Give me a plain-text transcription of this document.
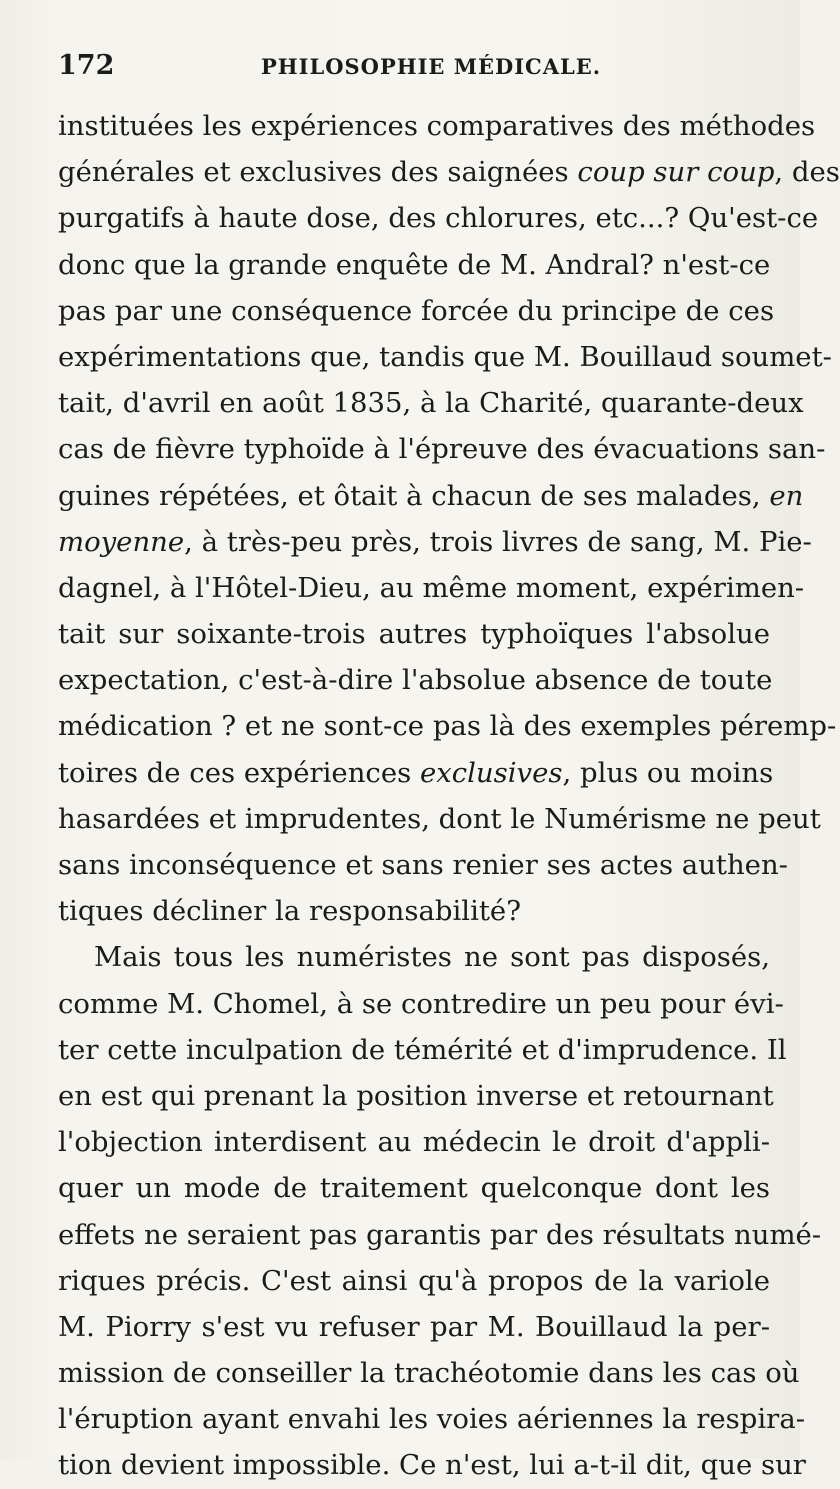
172	PHILOSOPHIE MÉDICALE.
instituées les expériences comparatives des méthodes
générales et exclusives des saignées coup sur coup, des
purgatifs à haute dose, des chlorures, etc...? Qu'est-ce
donc que la grande enquête de M. Andral? n'est-ce
pas par une conséquence forcée du principe de ces
expérimentations que, tandis que M. Bouillaud soumet-
tait, d'avril en août 1835, à la Charité, quarante-deux
cas de fièvre typhoïde à l'épreuve des évacuations san-
guines répétées, et ôtait à chacun de ses malades, en
moyenne, à très-peu près, trois livres de sang, M. Pie-
dagnel, à l'Hôtel-Dieu, au même moment, expérimen-
tait sur soixante-trois autres typhoïques l'absolue
expectation, c'est-à-dire l'absolue absence de toute
médication ? et ne sont-ce pas là des exemples péremp-
toires de ces expériences exclusives, plus ou moins
hasardées et imprudentes, dont le Numérisme ne peut
sans inconséquence et sans renier ses actes authen-
tiques décliner la responsabilité?
Mais tous les numéristes ne sont pas disposés,
comme M. Chomel, à se contredire un peu pour évi-
ter cette inculpation de témérité et d'imprudence. Il
en est qui prenant la position inverse et retournant
l'objection interdisent au médecin le droit d'appli-
quer un mode de traitement quelconque dont les
effets ne seraient pas garantis par des résultats numé-
riques précis. C'est ainsi qu'à propos de la variole
M. Piorry s'est vu refuser par M. Bouillaud la per-
mission de conseiller la trachéotomie dans les cas où
l'éruption ayant envahi les voies aériennes la respira-
tion devient impossible. Ce n'est, lui a-t-il dit, que sur
